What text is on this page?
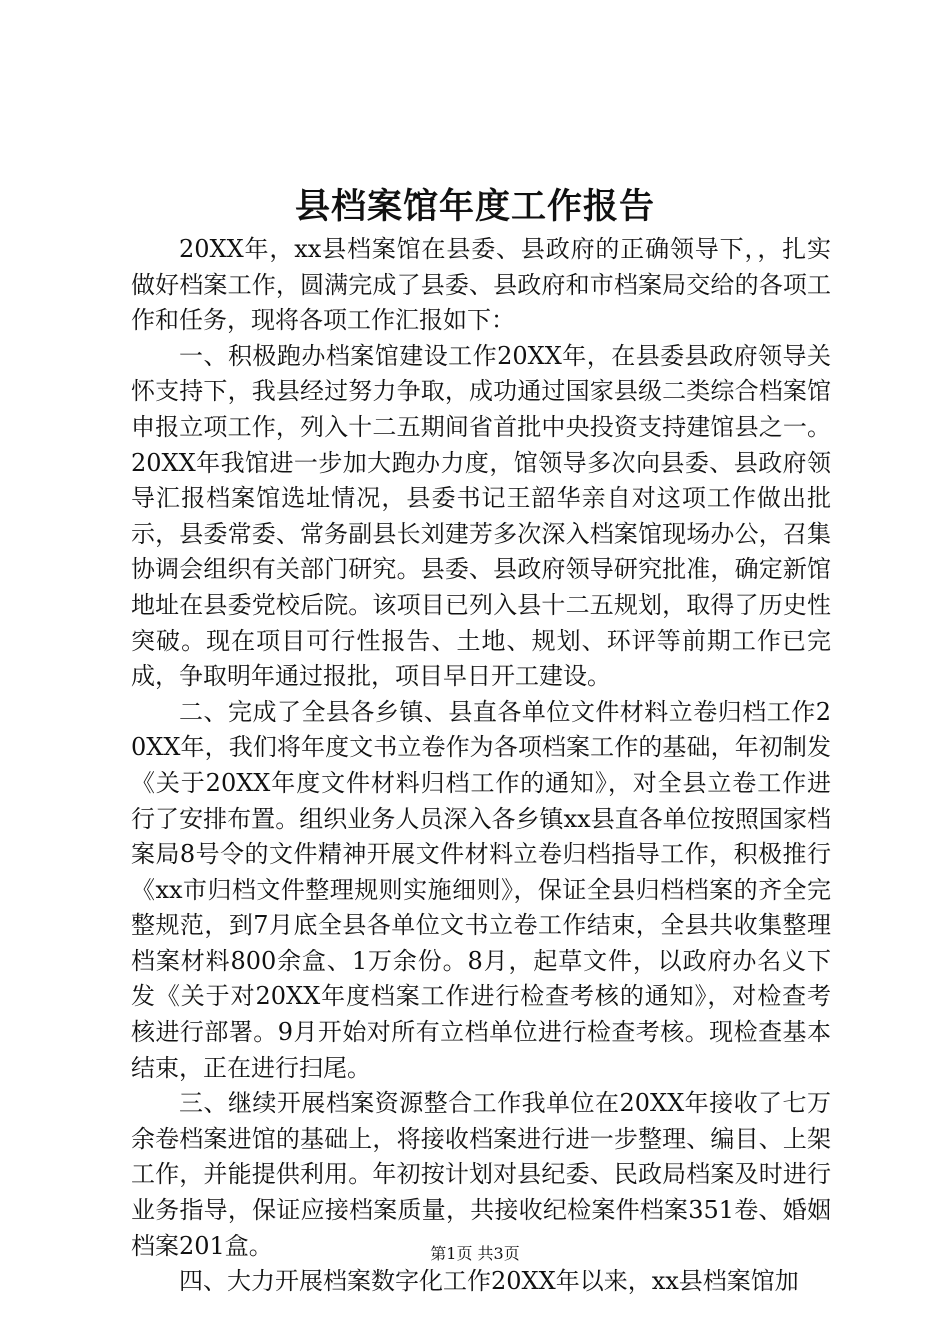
县档案馆年度工作报告

20XX年，xx县档案馆在县委、县政府的正确领导下，，扎实做好档案工作，圆满完成了县委、县政府和市档案局交给的各项工作和任务，现将各项工作汇报如下：

一、积极跑办档案馆建设工作20XX年，在县委县政府领导关怀支持下，我县经过努力争取，成功通过国家县级二类综合档案馆申报立项工作，列入十二五期间省首批中央投资支持建馆县之一。20XX年我馆进一步加大跑办力度，馆领导多次向县委、县政府领导汇报档案馆选址情况，县委书记王韶华亲自对这项工作做出批示，县委常委、常务副县长刘建芳多次深入档案馆现场办公，召集协调会组织有关部门研究。县委、县政府领导研究批准，确定新馆地址在县委党校后院。该项目已列入县十二五规划，取得了历史性突破。现在项目可行性报告、土地、规划、环评等前期工作已完成，争取明年通过报批，项目早日开工建设。

二、完成了全县各乡镇、县直各单位文件材料立卷归档工作20XX年，我们将年度文书立卷作为各项档案工作的基础，年初制发《关于20XX年度文件材料归档工作的通知》，对全县立卷工作进行了安排布置。组织业务人员深入各乡镇xx县直各单位按照国家档案局8号令的文件精神开展文件材料立卷归档指导工作，积极推行《xx市归档文件整理规则实施细则》，保证全县归档档案的齐全完整规范，到7月底全县各单位文书立卷工作结束，全县共收集整理档案材料800余盒、1万余份。8月，起草文件，以政府办名义下发《关于对20XX年度档案工作进行检查考核的通知》，对检查考核进行部署。9月开始对所有立档单位进行检查考核。现检查基本结束，正在进行扫尾。

三、继续开展档案资源整合工作我单位在20XX年接收了七万余卷档案进馆的基础上，将接收档案进行进一步整理、编目、上架工作，并能提供利用。年初按计划对县纪委、民政局档案及时进行业务指导，保证应接档案质量，共接收纪检案件档案351卷、婚姻档案201盒。

四、大力开展档案数字化工作20XX年以来，xx县档案馆加

第1页 共3页
